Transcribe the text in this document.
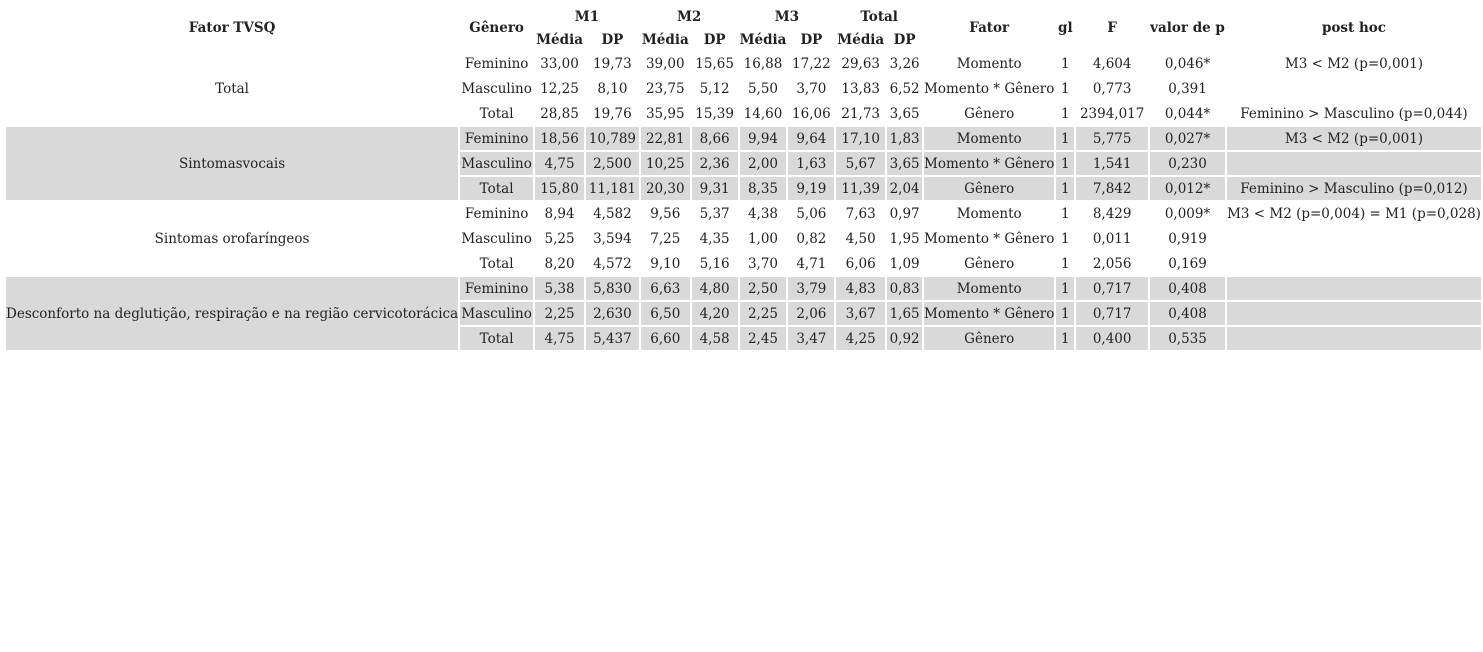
Fator TVSQ	Gênero	M1		M2		M3		Total		Fator	gl	F	valor de p	post hoc
		Média	DP	Média	DP	Média	DP	Média	DP					
Total	Feminino	33,00	19,73	39,00	15,65	16,88	17,22	29,63	3,26	Momento	1	4,604	0,046*	M3 < M2 (p=0,001)
	Masculino	12,25	8,10	23,75	5,12	5,50	3,70	13,83	6,52	Momento * Gênero	1	0,773	0,391	
	Total	28,85	19,76	35,95	15,39	14,60	16,06	21,73	3,65	Gênero	1	2394,017	0,044*	Feminino > Masculino (p=0,044)
Sintomasvocais	Feminino	18,56	10,789	22,81	8,66	9,94	9,64	17,10	1,83	Momento	1	5,775	0,027*	M3 < M2 (p=0,001)
	Masculino	4,75	2,500	10,25	2,36	2,00	1,63	5,67	3,65	Momento * Gênero	1	1,541	0,230	
	Total	15,80	11,181	20,30	9,31	8,35	9,19	11,39	2,04	Gênero	1	7,842	0,012*	Feminino > Masculino (p=0,012)
Sintomas orofaríngeos	Feminino	8,94	4,582	9,56	5,37	4,38	5,06	7,63	0,97	Momento	1	8,429	0,009*	M3 < M2 (p=0,004) = M1 (p=0,028)
	Masculino	5,25	3,594	7,25	4,35	1,00	0,82	4,50	1,95	Momento * Gênero	1	0,011	0,919	
	Total	8,20	4,572	9,10	5,16	3,70	4,71	6,06	1,09	Gênero	1	2,056	0,169	
Desconforto na deglutição, respiração e na região cervicotorácica	Feminino	5,38	5,830	6,63	4,80	2,50	3,79	4,83	0,83	Momento	1	0,717	0,408	
	Masculino	2,25	2,630	6,50	4,20	2,25	2,06	3,67	1,65	Momento * Gênero	1	0,717	0,408	
	Total	4,75	5,437	6,60	4,58	2,45	3,47	4,25	0,92	Gênero	1	0,400	0,535	
